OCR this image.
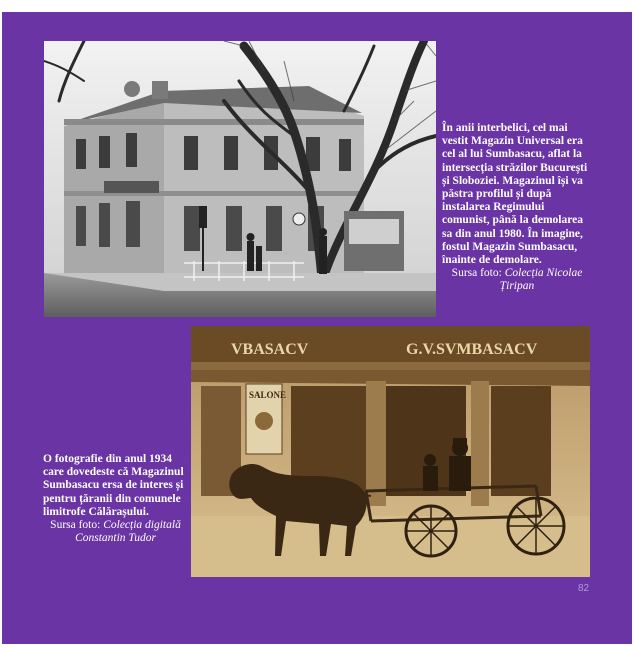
În anii interbelici, cel mai vestit Magazin Universal era cel al lui Sumbasacu, aflat la intersecția străzilor București și Sloboziei. Magazinul își va păstra profilul și după instalarea Regimului comunist, până la demolarea sa din anul 1980. În imagine, fostul Magazin Sumbasacu, înainte de demolare.
Sursa foto: Colecția Nicolae Țiripan
VBASACV	G.V.SVMBASACV
SALONE
O fotografie din anul 1934 care dovedeste că Magazinul Sumbasacu ersa de interes și pentru țăranii din comunele limitrofe Călărașului.
Sursa foto: Colecția digitală Constantin Tudor
82
